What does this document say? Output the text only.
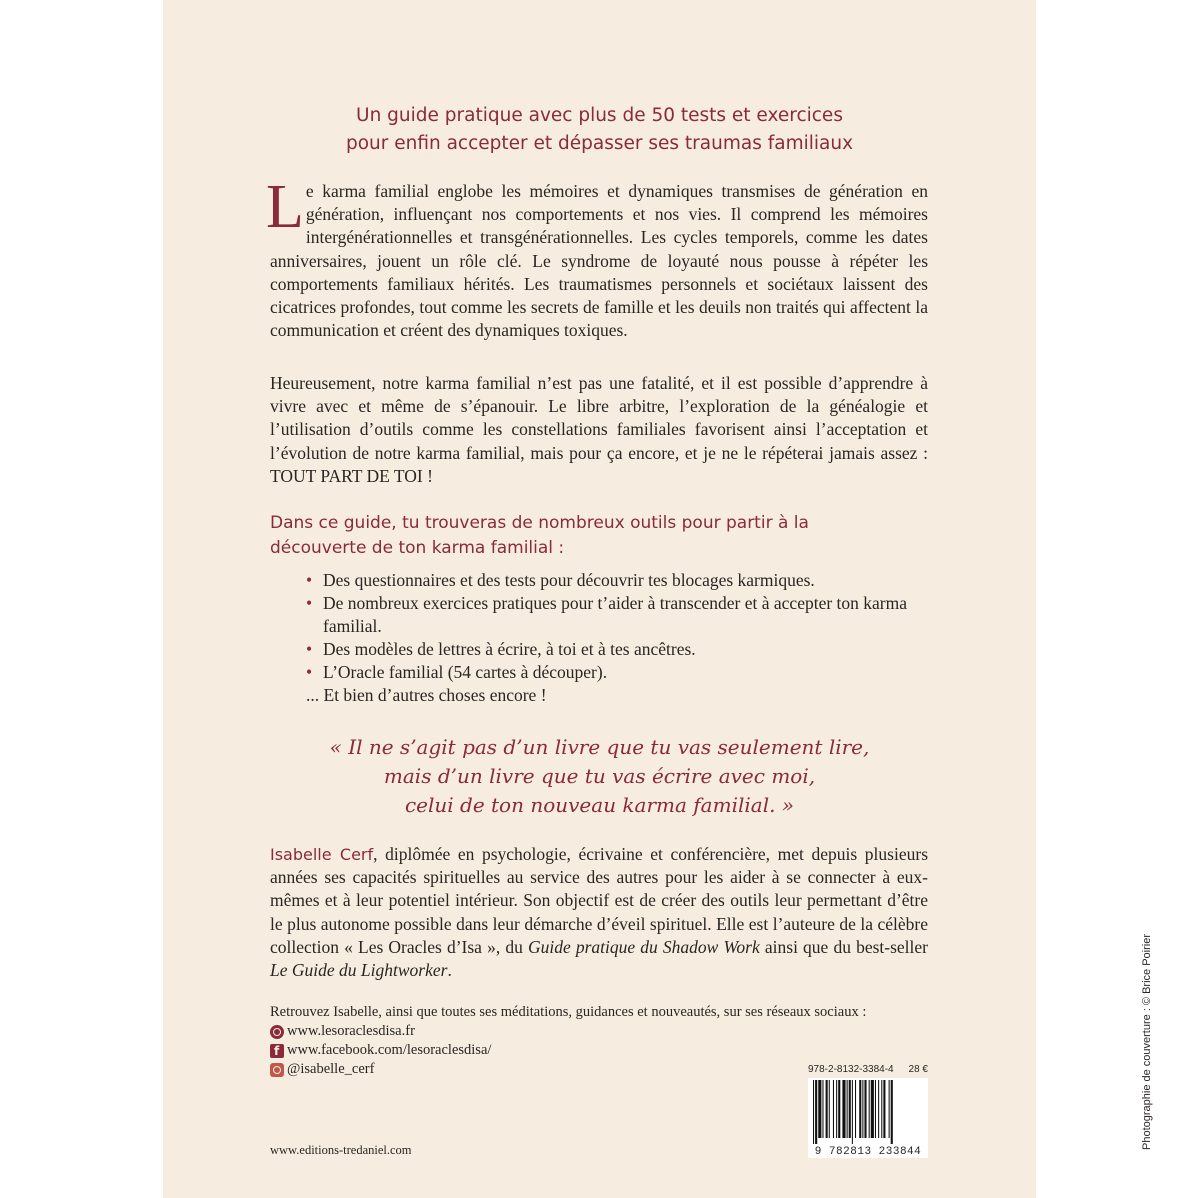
Un guide pratique avec plus de 50 tests et exercices
pour enfin accepter et dépasser ses traumas familiaux
Le karma familial englobe les mémoires et dynamiques transmises de génération en génération, influençant nos comportements et nos vies. Il comprend les mémoires intergénérationnelles et transgénérationnelles. Les cycles temporels, comme les dates anniversaires, jouent un rôle clé. Le syndrome de loyauté nous pousse à répéter les comportements familiaux hérités. Les traumatismes personnels et sociétaux laissent des cicatrices profondes, tout comme les secrets de famille et les deuils non traités qui affectent la communication et créent des dynamiques toxiques.
Heureusement, notre karma familial n’est pas une fatalité, et il est possible d’apprendre à vivre avec et même de s’épanouir. Le libre arbitre, l’exploration de la généalogie et l’utilisation d’outils comme les constellations familiales favorisent ainsi l’acceptation et l’évolution de notre karma familial, mais pour ça encore, et je ne le répéterai jamais assez : TOUT PART DE TOI !
Dans ce guide, tu trouveras de nombreux outils pour partir à la
découverte de ton karma familial :
• Des questionnaires et des tests pour découvrir tes blocages karmiques.
• De nombreux exercices pratiques pour t’aider à transcender et à accepter ton karma familial.
• Des modèles de lettres à écrire, à toi et à tes ancêtres.
• L’Oracle familial (54 cartes à découper).
... Et bien d’autres choses encore !
« Il ne s’agit pas d’un livre que tu vas seulement lire,
mais d’un livre que tu vas écrire avec moi,
celui de ton nouveau karma familial. »
Isabelle Cerf, diplômée en psychologie, écrivaine et conférencière, met depuis plusieurs années ses capacités spirituelles au service des autres pour les aider à se connecter à eux-mêmes et à leur potentiel intérieur. Son objectif est de créer des outils leur permettant d’être le plus autonome possible dans leur démarche d’éveil spirituel. Elle est l’auteure de la célèbre collection « Les Oracles d’Isa », du Guide pratique du Shadow Work ainsi que du best-seller Le Guide du Lightworker.
Retrouvez Isabelle, ainsi que toutes ses méditations, guidances et nouveautés, sur ses réseaux sociaux :
www.lesoraclesdisa.fr
f
www.facebook.com/lesoraclesdisa/
@isabelle_cerf
www.editions-tredaniel.com
978-2-8132-3384-4 28 €
9 782813 233844
Photographie de couverture : © Brice Poirier
